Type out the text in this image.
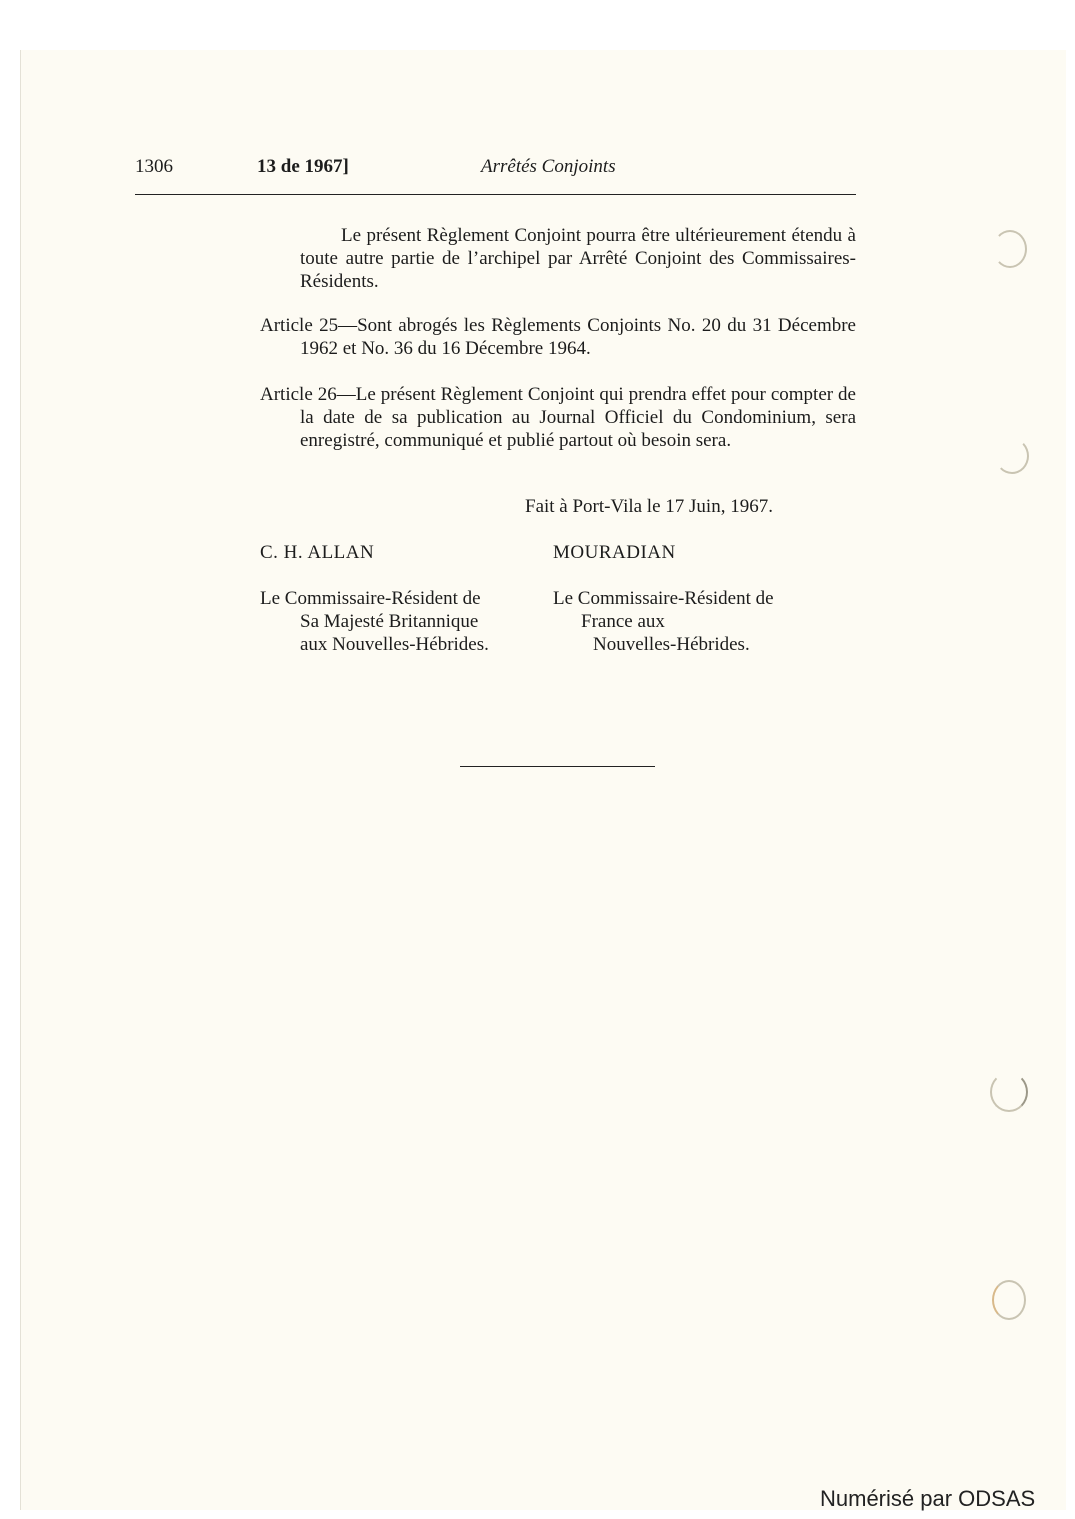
1306	13 de 1967]	Arrêtés Conjoints

Le présent Règlement Conjoint pourra être ultérieurement étendu à toute autre partie de l’archipel par Arrêté Conjoint des Commissaires-Résidents.

Article 25—Sont abrogés les Règlements Conjoints No. 20 du 31 Décembre 1962 et No. 36 du 16 Décembre 1964.

Article 26—Le présent Règlement Conjoint qui prendra effet pour compter de la date de sa publication au Journal Officiel du Condominium, sera enregistré, communiqué et publié partout où besoin sera.

Fait à Port-Vila le 17 Juin, 1967.
C. H. ALLAN	MOURADIAN
Le Commissaire-Résident de
Sa Majesté Britannique
aux Nouvelles-Hébrides.
Le Commissaire-Résident de
France aux
Nouvelles-Hébrides.
Numérisé par ODSAS
